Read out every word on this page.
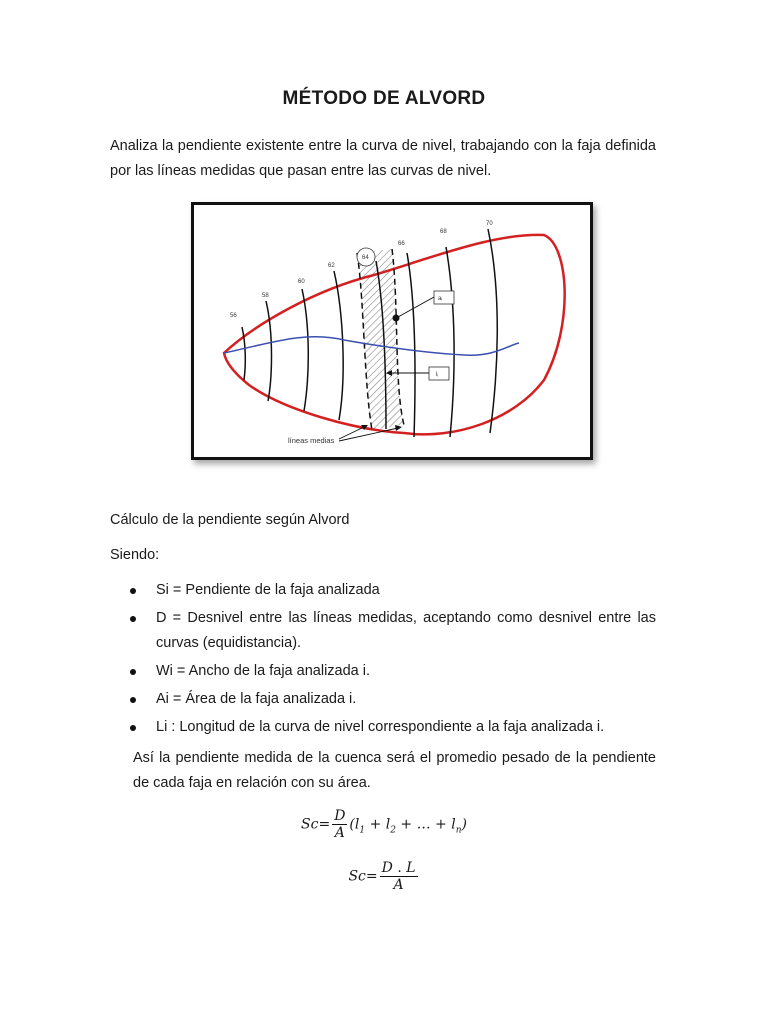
MÉTODO DE ALVORD
Analiza la pendiente existente entre la curva de nivel, trabajando con la faja definida por las líneas medidas que pasan entre las curvas de nivel.
56
58
60
62
64
66
68
70
aᵢ
lᵢ
líneas medias
Cálculo de la pendiente según Alvord
Siendo:
Si = Pendiente de la faja analizada
D = Desnivel entre las líneas medidas, aceptando como desnivel entre las curvas (equidistancia).
Wi = Ancho de la faja analizada i.
Ai = Área de la faja analizada i.
Li : Longitud de la curva de nivel correspondiente a la faja analizada i.
Así la pendiente medida de la cuenca será el promedio pesado de la pendiente de cada faja en relación con su área.
$Sc= \frac{D}{A} (l_1 + l_2$ + … + $l_n$)
$Sc= \frac{D . L}{A}$
